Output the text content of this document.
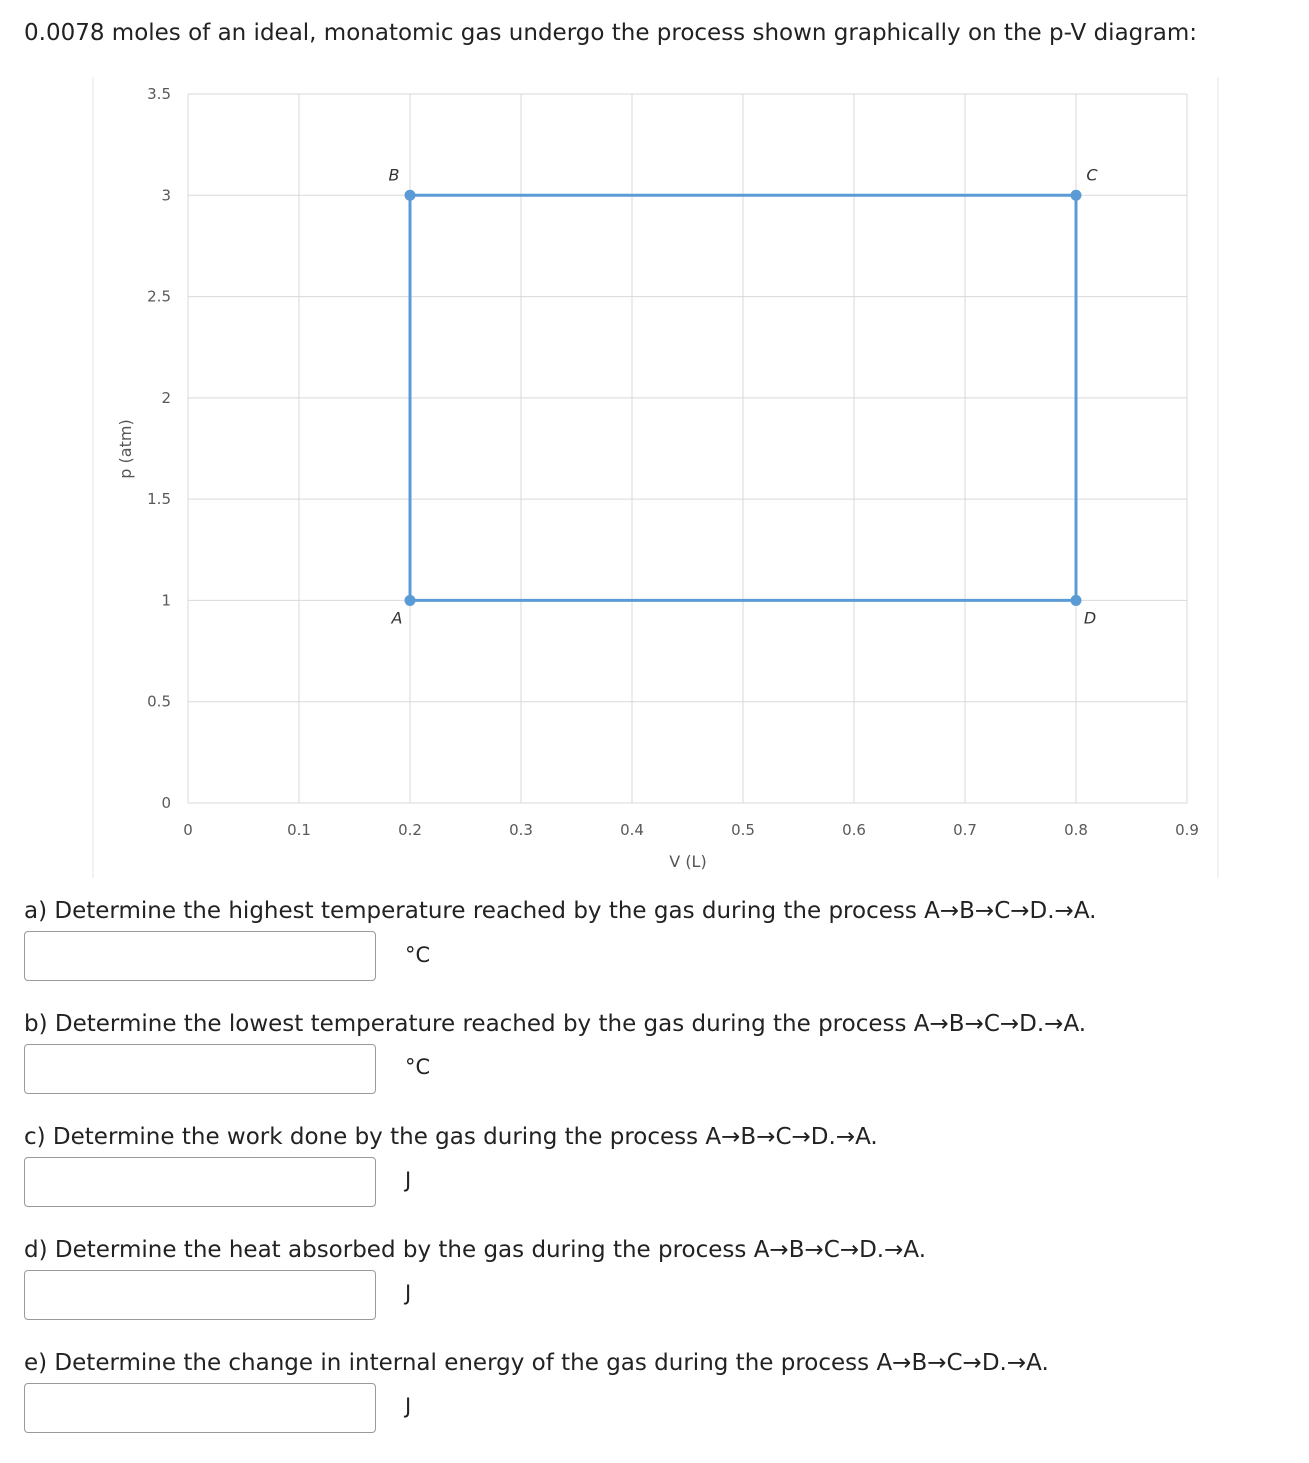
0.0078 moles of an ideal, monatomic gas undergo the process shown graphically on the p-V diagram:
0	0.1	0.2	0.3	0.4	0.5	0.6	0.7	0.8	0.9
0
0.5
1
1.5
2
2.5
3
3.5
V (L)
p (atm)
A
B	C
D
a) Determine the highest temperature reached by the gas during the process A→B→C→D.→A.
°C
b) Determine the lowest temperature reached by the gas during the process A→B→C→D.→A.
°C
c) Determine the work done by the gas during the process A→B→C→D.→A.
J
d) Determine the heat absorbed by the gas during the process A→B→C→D.→A.
J
e) Determine the change in internal energy of the gas during the process A→B→C→D.→A.
J
